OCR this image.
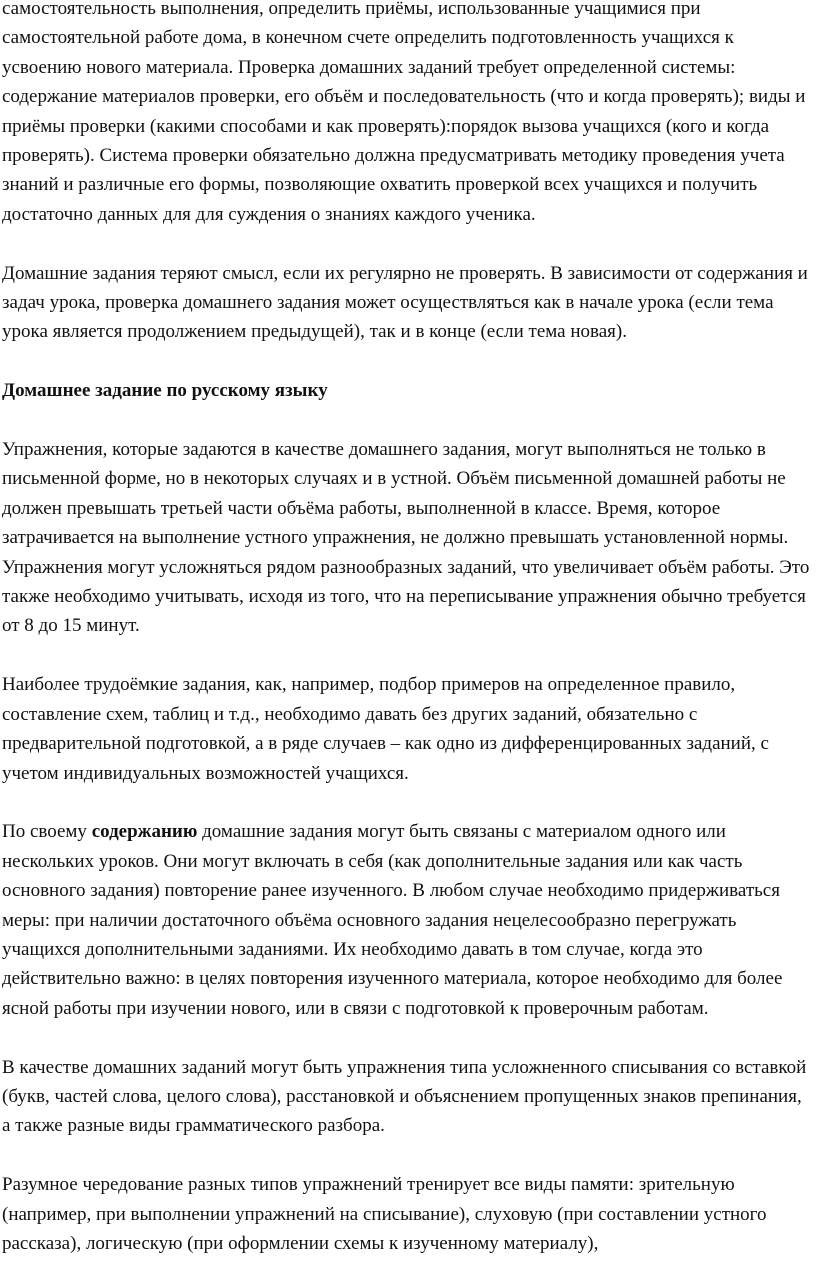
самостоятельность выполнения, определить приёмы, использованные учащимися при самостоятельной работе дома, в конечном счете определить подготовленность учащихся к усвоению нового материала. Проверка домашних заданий требует определенной системы: содержание материалов проверки, его объём и последовательность (что и когда проверять); виды и приёмы проверки (какими способами и как проверять):порядок вызова учащихся (кого и когда проверять). Система проверки обязательно должна предусматривать методику проведения учета знаний и различные его формы, позволяющие охватить проверкой всех учащихся и получить достаточно данных для для суждения о знаниях каждого ученика.

Домашние задания теряют смысл, если их регулярно не проверять. В зависимости от содержания и задач урока, проверка домашнего задания может осуществляться как в начале урока (если тема урока является продолжением предыдущей), так и в конце (если тема новая).

Домашнее задание по русскому языку

Упражнения, которые задаются в качестве домашнего задания, могут выполняться не только в письменной форме, но в некоторых случаях и в устной. Объём письменной домашней работы не должен превышать третьей части объёма работы, выполненной в классе. Время, которое затрачивается на выполнение устного упражнения, не должно превышать установленной нормы. Упражнения могут усложняться рядом разнообразных заданий, что увеличивает объём работы. Это также необходимо учитывать, исходя из того, что на переписывание упражнения обычно требуется от 8 до 15 минут.

Наиболее трудоёмкие задания, как, например, подбор примеров на определенное правило, составление схем, таблиц и т.д., необходимо давать без других заданий, обязательно с предварительной подготовкой, а в ряде случаев – как одно из дифференцированных заданий, с учетом индивидуальных возможностей учащихся.

По своему содержанию домашние задания могут быть связаны с материалом одного или нескольких уроков. Они могут включать в себя (как дополнительные задания или как часть основного задания) повторение ранее изученного. В любом случае необходимо придерживаться меры: при наличии достаточного объёма основного задания нецелесообразно перегружать учащихся дополнительными заданиями. Их необходимо давать в том случае, когда это действительно важно: в целях повторения изученного материала, которое необходимо для более ясной работы при изучении нового, или в связи с подготовкой к проверочным работам.

В качестве домашних заданий могут быть упражнения типа усложненного списывания со вставкой (букв, частей слова, целого слова), расстановкой и объяснением пропущенных знаков препинания, а также разные виды грамматического разбора.

Разумное чередование разных типов упражнений тренирует все виды памяти: зрительную (например, при выполнении упражнений на списывание), слуховую (при составлении устного рассказа), логическую (при оформлении схемы к изученному материалу),
